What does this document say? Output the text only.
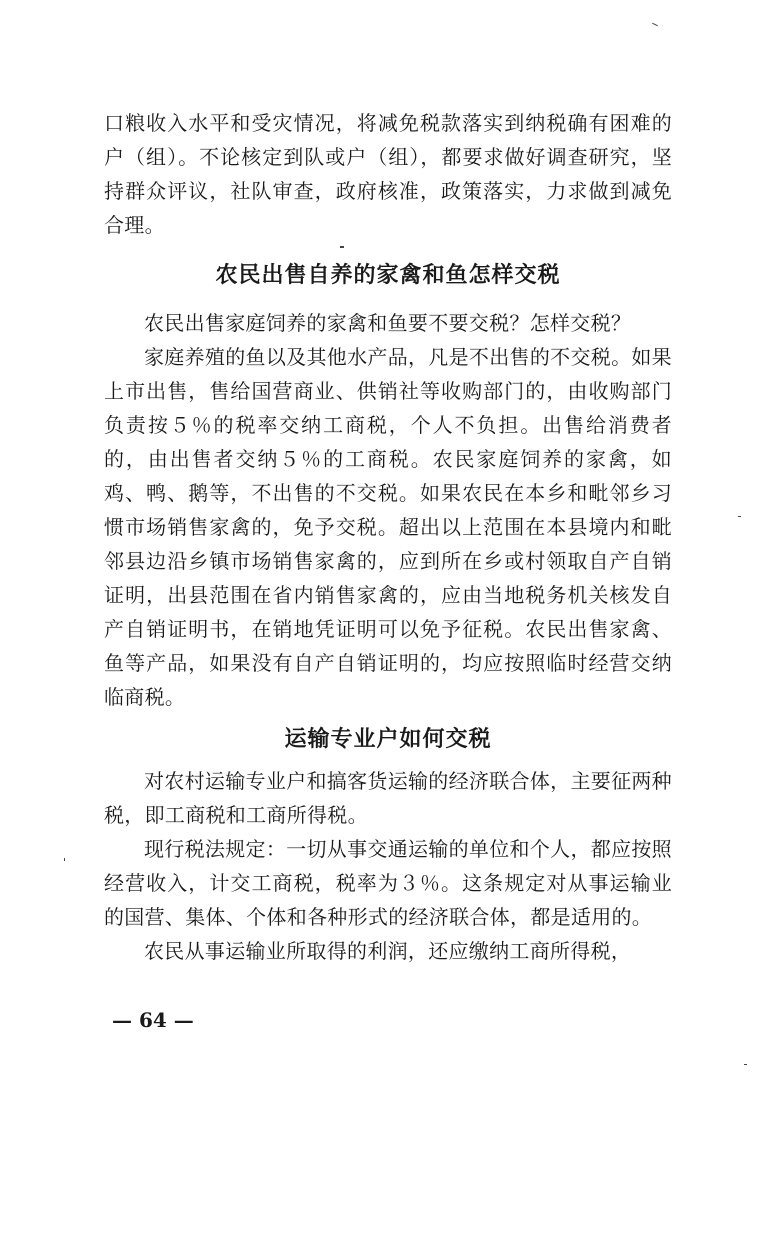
口粮收入水平和受灾情况，将减免税款落实到纳税确有困难的户（组）。不论核定到队或户（组），都要求做好调查研究，坚持群众评议，社队审查，政府核准，政策落实，力求做到减免合理。

农民出售自养的家禽和鱼怎样交税

农民出售家庭饲养的家禽和鱼要不要交税？怎样交税？

家庭养殖的鱼以及其他水产品，凡是不出售的不交税。如果上市出售，售给国营商业、供销社等收购部门的，由收购部门负责按５％的税率交纳工商税，个人不负担。出售给消费者的，由出售者交纳５％的工商税。农民家庭饲养的家禽，如鸡、鸭、鹅等，不出售的不交税。如果农民在本乡和毗邻乡习惯市场销售家禽的，免予交税。超出以上范围在本县境内和毗邻县边沿乡镇市场销售家禽的，应到所在乡或村领取自产自销证明，出县范围在省内销售家禽的，应由当地税务机关核发自产自销证明书，在销地凭证明可以免予征税。农民出售家禽、鱼等产品，如果没有自产自销证明的，均应按照临时经营交纳临商税。

运输专业户如何交税

对农村运输专业户和搞客货运输的经济联合体，主要征两种税，即工商税和工商所得税。

现行税法规定：一切从事交通运输的单位和个人，都应按照经营收入，计交工商税，税率为３％。这条规定对从事运输业的国营、集体、个体和各种形式的经济联合体，都是适用的。

农民从事运输业所取得的利润，还应缴纳工商所得税，

— 64 —
